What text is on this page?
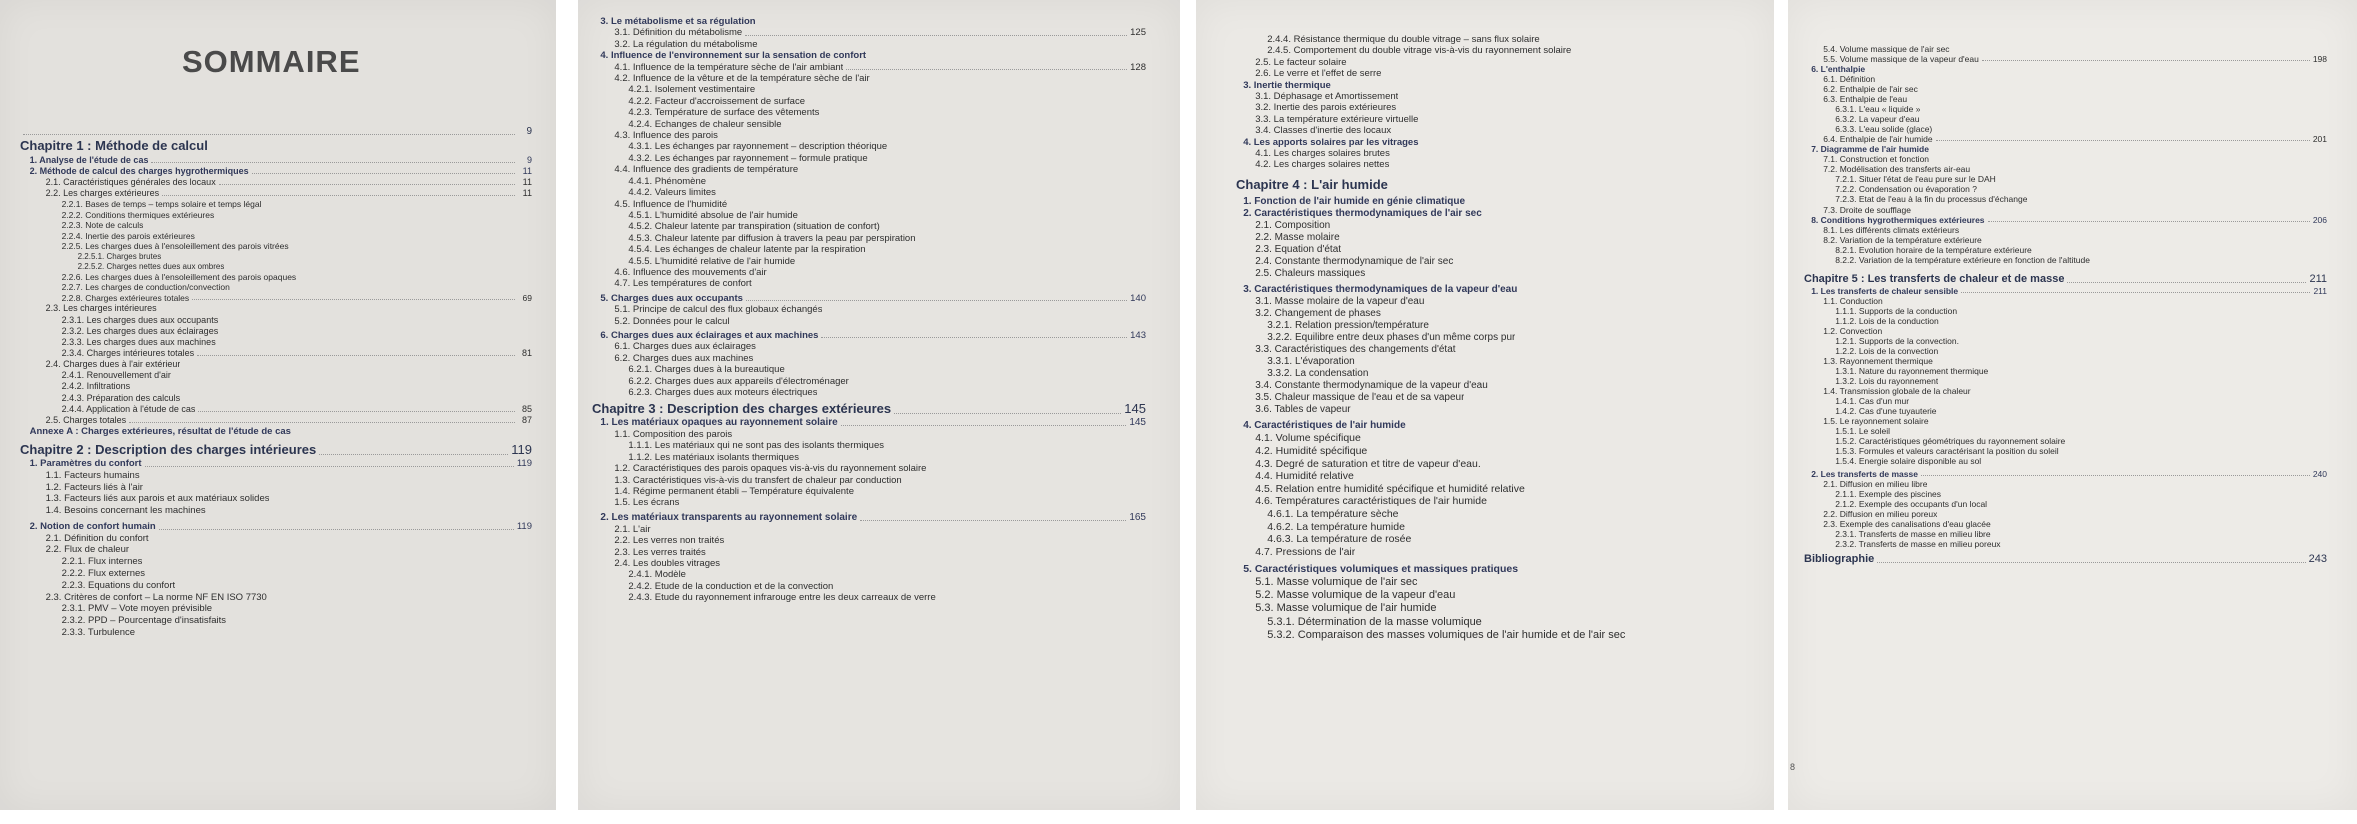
SOMMAIRE
9
Chapitre 1 : Méthode de calcul
1. Analyse de l'étude de cas	9
2. Méthode de calcul des charges hygrothermiques	11
2.1. Caractéristiques générales des locaux	11
2.2. Les charges extérieures	11
2.2.1. Bases de temps – temps solaire et temps légal
2.2.2. Conditions thermiques extérieures
2.2.3. Note de calculs
2.2.4. Inertie des parois extérieures
2.2.5. Les charges dues à l'ensoleillement des parois vitrées
2.2.5.1. Charges brutes
2.2.5.2. Charges nettes dues aux ombres
2.2.6. Les charges dues à l'ensoleillement des parois opaques
2.2.7. Les charges de conduction/convection
2.2.8. Charges extérieures totales	69
2.3. Les charges intérieures
2.3.1. Les charges dues aux occupants
2.3.2. Les charges dues aux éclairages
2.3.3. Les charges dues aux machines
2.3.4. Charges intérieures totales	81
2.4. Charges dues à l'air extérieur
2.4.1. Renouvellement d'air
2.4.2. Infiltrations
2.4.3. Préparation des calculs
2.4.4. Application à l'étude de cas	85
2.5. Charges totales	87
Annexe A : Charges extérieures, résultat de l'étude de cas
Chapitre 2 : Description des charges intérieures	119
1. Paramètres du confort	119
1.1. Facteurs humains
1.2. Facteurs liés à l'air
1.3. Facteurs liés aux parois et aux matériaux solides
1.4. Besoins concernant les machines
2. Notion de confort humain	119
2.1. Définition du confort
2.2. Flux de chaleur
2.2.1. Flux internes
2.2.2. Flux externes
2.2.3. Equations du confort
2.3. Critères de confort – La norme NF EN ISO 7730
2.3.1. PMV – Vote moyen prévisible
2.3.2. PPD – Pourcentage d'insatisfaits
2.3.3. Turbulence
3. Le métabolisme et sa régulation
3.1. Définition du métabolisme	125
3.2. La régulation du métabolisme
4. Influence de l'environnement sur la sensation de confort
4.1. Influence de la température sèche de l'air ambiant	128
4.2. Influence de la vêture et de la température sèche de l'air
4.2.1. Isolement vestimentaire
4.2.2. Facteur d'accroissement de surface
4.2.3. Température de surface des vêtements
4.2.4. Echanges de chaleur sensible
4.3. Influence des parois
4.3.1. Les échanges par rayonnement – description théorique
4.3.2. Les échanges par rayonnement – formule pratique
4.4. Influence des gradients de température
4.4.1. Phénomène
4.4.2. Valeurs limites
4.5. Influence de l'humidité
4.5.1. L'humidité absolue de l'air humide
4.5.2. Chaleur latente par transpiration (situation de confort)
4.5.3. Chaleur latente par diffusion à travers la peau par perspiration
4.5.4. Les échanges de chaleur latente par la respiration
4.5.5. L'humidité relative de l'air humide
4.6. Influence des mouvements d'air
4.7. Les températures de confort
5. Charges dues aux occupants	140
5.1. Principe de calcul des flux globaux échangés
5.2. Données pour le calcul
6. Charges dues aux éclairages et aux machines	143
6.1. Charges dues aux éclairages
6.2. Charges dues aux machines
6.2.1. Charges dues à la bureautique
6.2.2. Charges dues aux appareils d'électroménager
6.2.3. Charges dues aux moteurs électriques
Chapitre 3 : Description des charges extérieures	145
1. Les matériaux opaques au rayonnement solaire	145
1.1. Composition des parois
1.1.1. Les matériaux qui ne sont pas des isolants thermiques
1.1.2. Les matériaux isolants thermiques
1.2. Caractéristiques des parois opaques vis-à-vis du rayonnement solaire
1.3. Caractéristiques vis-à-vis du transfert de chaleur par conduction
1.4. Régime permanent établi – Température équivalente
1.5. Les écrans
2. Les matériaux transparents au rayonnement solaire	165
2.1. L'air
2.2. Les verres non traités
2.3. Les verres traités
2.4. Les doubles vitrages
2.4.1. Modèle
2.4.2. Etude de la conduction et de la convection
2.4.3. Etude du rayonnement infrarouge entre les deux carreaux de verre
2.4.4. Résistance thermique du double vitrage – sans flux solaire
2.4.5. Comportement du double vitrage vis-à-vis du rayonnement solaire
2.5. Le facteur solaire
2.6. Le verre et l'effet de serre
3. Inertie thermique
3.1. Déphasage et Amortissement
3.2. Inertie des parois extérieures
3.3. La température extérieure virtuelle
3.4. Classes d'inertie des locaux
4. Les apports solaires par les vitrages
4.1. Les charges solaires brutes
4.2. Les charges solaires nettes
Chapitre 4 : L'air humide
1. Fonction de l'air humide en génie climatique
2. Caractéristiques thermodynamiques de l'air sec
2.1. Composition
2.2. Masse molaire
2.3. Equation d'état
2.4. Constante thermodynamique de l'air sec
2.5. Chaleurs massiques
3. Caractéristiques thermodynamiques de la vapeur d'eau
3.1. Masse molaire de la vapeur d'eau
3.2. Changement de phases
3.2.1. Relation pression/température
3.2.2. Equilibre entre deux phases d'un même corps pur
3.3. Caractéristiques des changements d'état
3.3.1. L'évaporation
3.3.2. La condensation
3.4. Constante thermodynamique de la vapeur d'eau
3.5. Chaleur massique de l'eau et de sa vapeur
3.6. Tables de vapeur
4. Caractéristiques de l'air humide
4.1. Volume spécifique
4.2. Humidité spécifique
4.3. Degré de saturation et titre de vapeur d'eau.
4.4. Humidité relative
4.5. Relation entre humidité spécifique et humidité relative
4.6. Températures caractéristiques de l'air humide
4.6.1. La température sèche
4.6.2. La température humide
4.6.3. La température de rosée
4.7. Pressions de l'air
5. Caractéristiques volumiques et massiques pratiques
5.1. Masse volumique de l'air sec
5.2. Masse volumique de la vapeur d'eau
5.3. Masse volumique de l'air humide
5.3.1. Détermination de la masse volumique
5.3.2. Comparaison des masses volumiques de l'air humide et de l'air sec
5.4. Volume massique de l'air sec
5.5. Volume massique de la vapeur d'eau	198
6. L'enthalpie
6.1. Définition
6.2. Enthalpie de l'air sec
6.3. Enthalpie de l'eau
6.3.1. L'eau « liquide »
6.3.2. La vapeur d'eau
6.3.3. L'eau solide (glace)
6.4. Enthalpie de l'air humide	201
7. Diagramme de l'air humide
7.1. Construction et fonction
7.2. Modélisation des transferts air-eau
7.2.1. Situer l'état de l'eau pure sur le DAH
7.2.2. Condensation ou évaporation ?
7.2.3. Etat de l'eau à la fin du processus d'échange
7.3. Droite de soufflage
8. Conditions hygrothermiques extérieures	206
8.1. Les différents climats extérieurs
8.2. Variation de la température extérieure
8.2.1. Evolution horaire de la température extérieure
8.2.2. Variation de la température extérieure en fonction de l'altitude
Chapitre 5 : Les transferts de chaleur et de masse	211
1. Les transferts de chaleur sensible	211
1.1. Conduction
1.1.1. Supports de la conduction
1.1.2. Lois de la conduction
1.2. Convection
1.2.1. Supports de la convection.
1.2.2. Lois de la convection
1.3. Rayonnement thermique
1.3.1. Nature du rayonnement thermique
1.3.2. Lois du rayonnement
1.4. Transmission globale de la chaleur
1.4.1. Cas d'un mur
1.4.2. Cas d'une tuyauterie
1.5. Le rayonnement solaire
1.5.1. Le soleil
1.5.2. Caractéristiques géométriques du rayonnement solaire
1.5.3. Formules et valeurs caractérisant la position du soleil
1.5.4. Energie solaire disponible au sol
2. Les transferts de masse	240
2.1. Diffusion en milieu libre
2.1.1. Exemple des piscines
2.1.2. Exemple des occupants d'un local
2.2. Diffusion en milieu poreux
2.3. Exemple des canalisations d'eau glacée
2.3.1. Transferts de masse en milieu libre
2.3.2. Transferts de masse en milieu poreux
Bibliographie	243
8
